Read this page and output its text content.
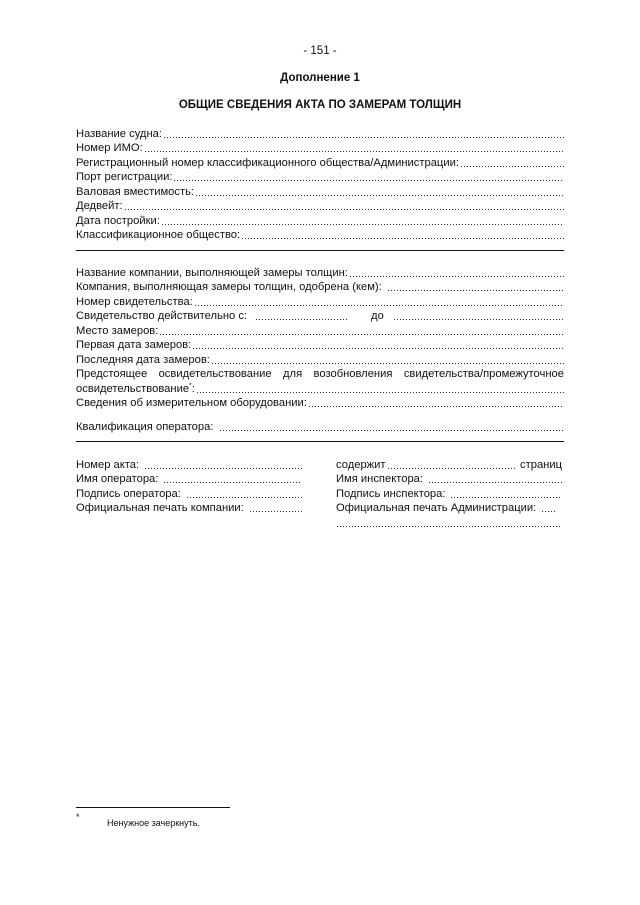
- 151 -
Дополнение 1
ОБЩИЕ СВЕДЕНИЯ АКТА ПО ЗАМЕРАМ ТОЛЩИН
Название судна:
Номер ИМО:
Регистрационный номер классификационного общества/Администрации:
Порт регистрации:
Валовая вместимость:
Дедвейт:
Дата постройки:
Классификационное общество:
Название компании, выполняющей замеры толщин:
Компания, выполняющая замеры толщин, одобрена (кем):
Номер свидетельства:
Свидетельство действительно с:	до
Место замеров:
Первая дата замеров:
Последняя дата замеров:
Предстоящее освидетельствование для возобновления свидетельства/промежуточное
освидетельствование*:
Сведения об измерительном оборудовании:
Квалификация оператора:
Номер акта:
Имя оператора:
Подпись оператора:
Официальная печать компании:
содержит	страниц
Имя инспектора:
Подпись инспектора:
Официальная печать Администрации:
*
Ненужное зачеркнуть.
